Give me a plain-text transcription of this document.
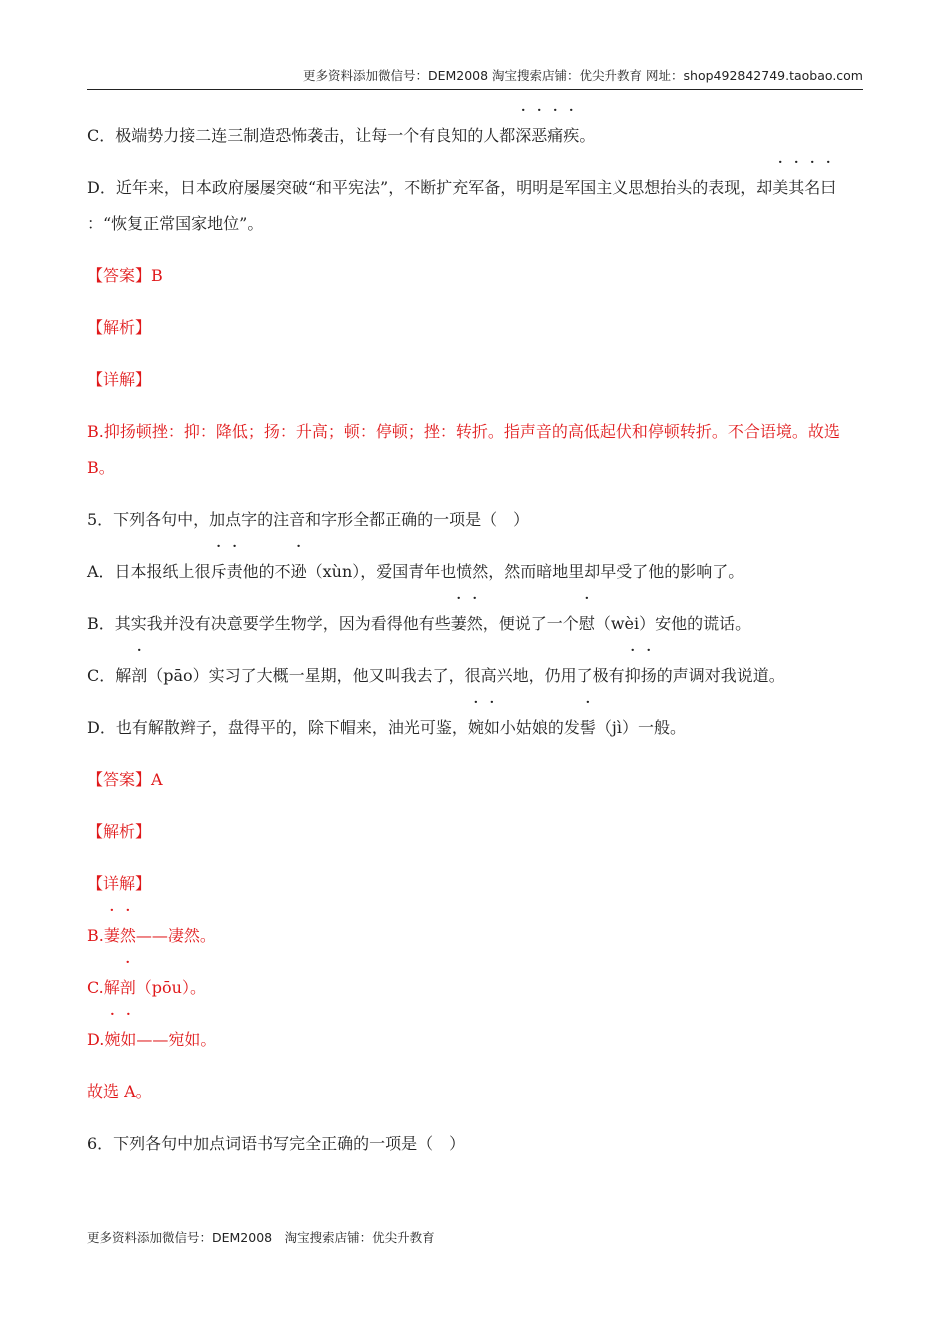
更多资料添加微信号：DEM2008 淘宝搜索店铺：优尖升教育 网址：shop492842749.taobao.com

C．极端势力接二连三制造恐怖袭击，让每一个有良知的人都深恶痛疾。

D．近年来，日本政府屡屡突破“和平宪法”，不断扩充军备，明明是军国主义思想抬头的表现，却美其名曰：“恢复正常国家地位”。

【答案】B

【解析】

【详解】

B.抑扬顿挫：抑：降低；扬：升高；顿：停顿；挫：转折。指声音的高低起伏和停顿转折。不合语境。故选 B。

5．下列各句中，加点字的注音和字形全都正确的一项是（　）

A．日本报纸上很斥责他的不逊（xùn），爱国青年也愤然，然而暗地里却早受了他的影响了。

B．其实我并没有决意要学生物学，因为看得他有些萋然，便说了一个慰（wèi）安他的谎话。

C．解剖（pāo）实习了大概一星期，他又叫我去了，很高兴地，仍用了极有抑扬的声调对我说道。

D．也有解散辫子，盘得平的，除下帽来，油光可鉴，婉如小姑娘的发髻（jì）一般。

【答案】A

【解析】

【详解】

B.萋然——凄然。

C.解剖（pōu）。

D.婉如——宛如。

故选 A。

6．下列各句中加点词语书写完全正确的一项是（　）

更多资料添加微信号：DEM2008　淘宝搜索店铺：优尖升教育
